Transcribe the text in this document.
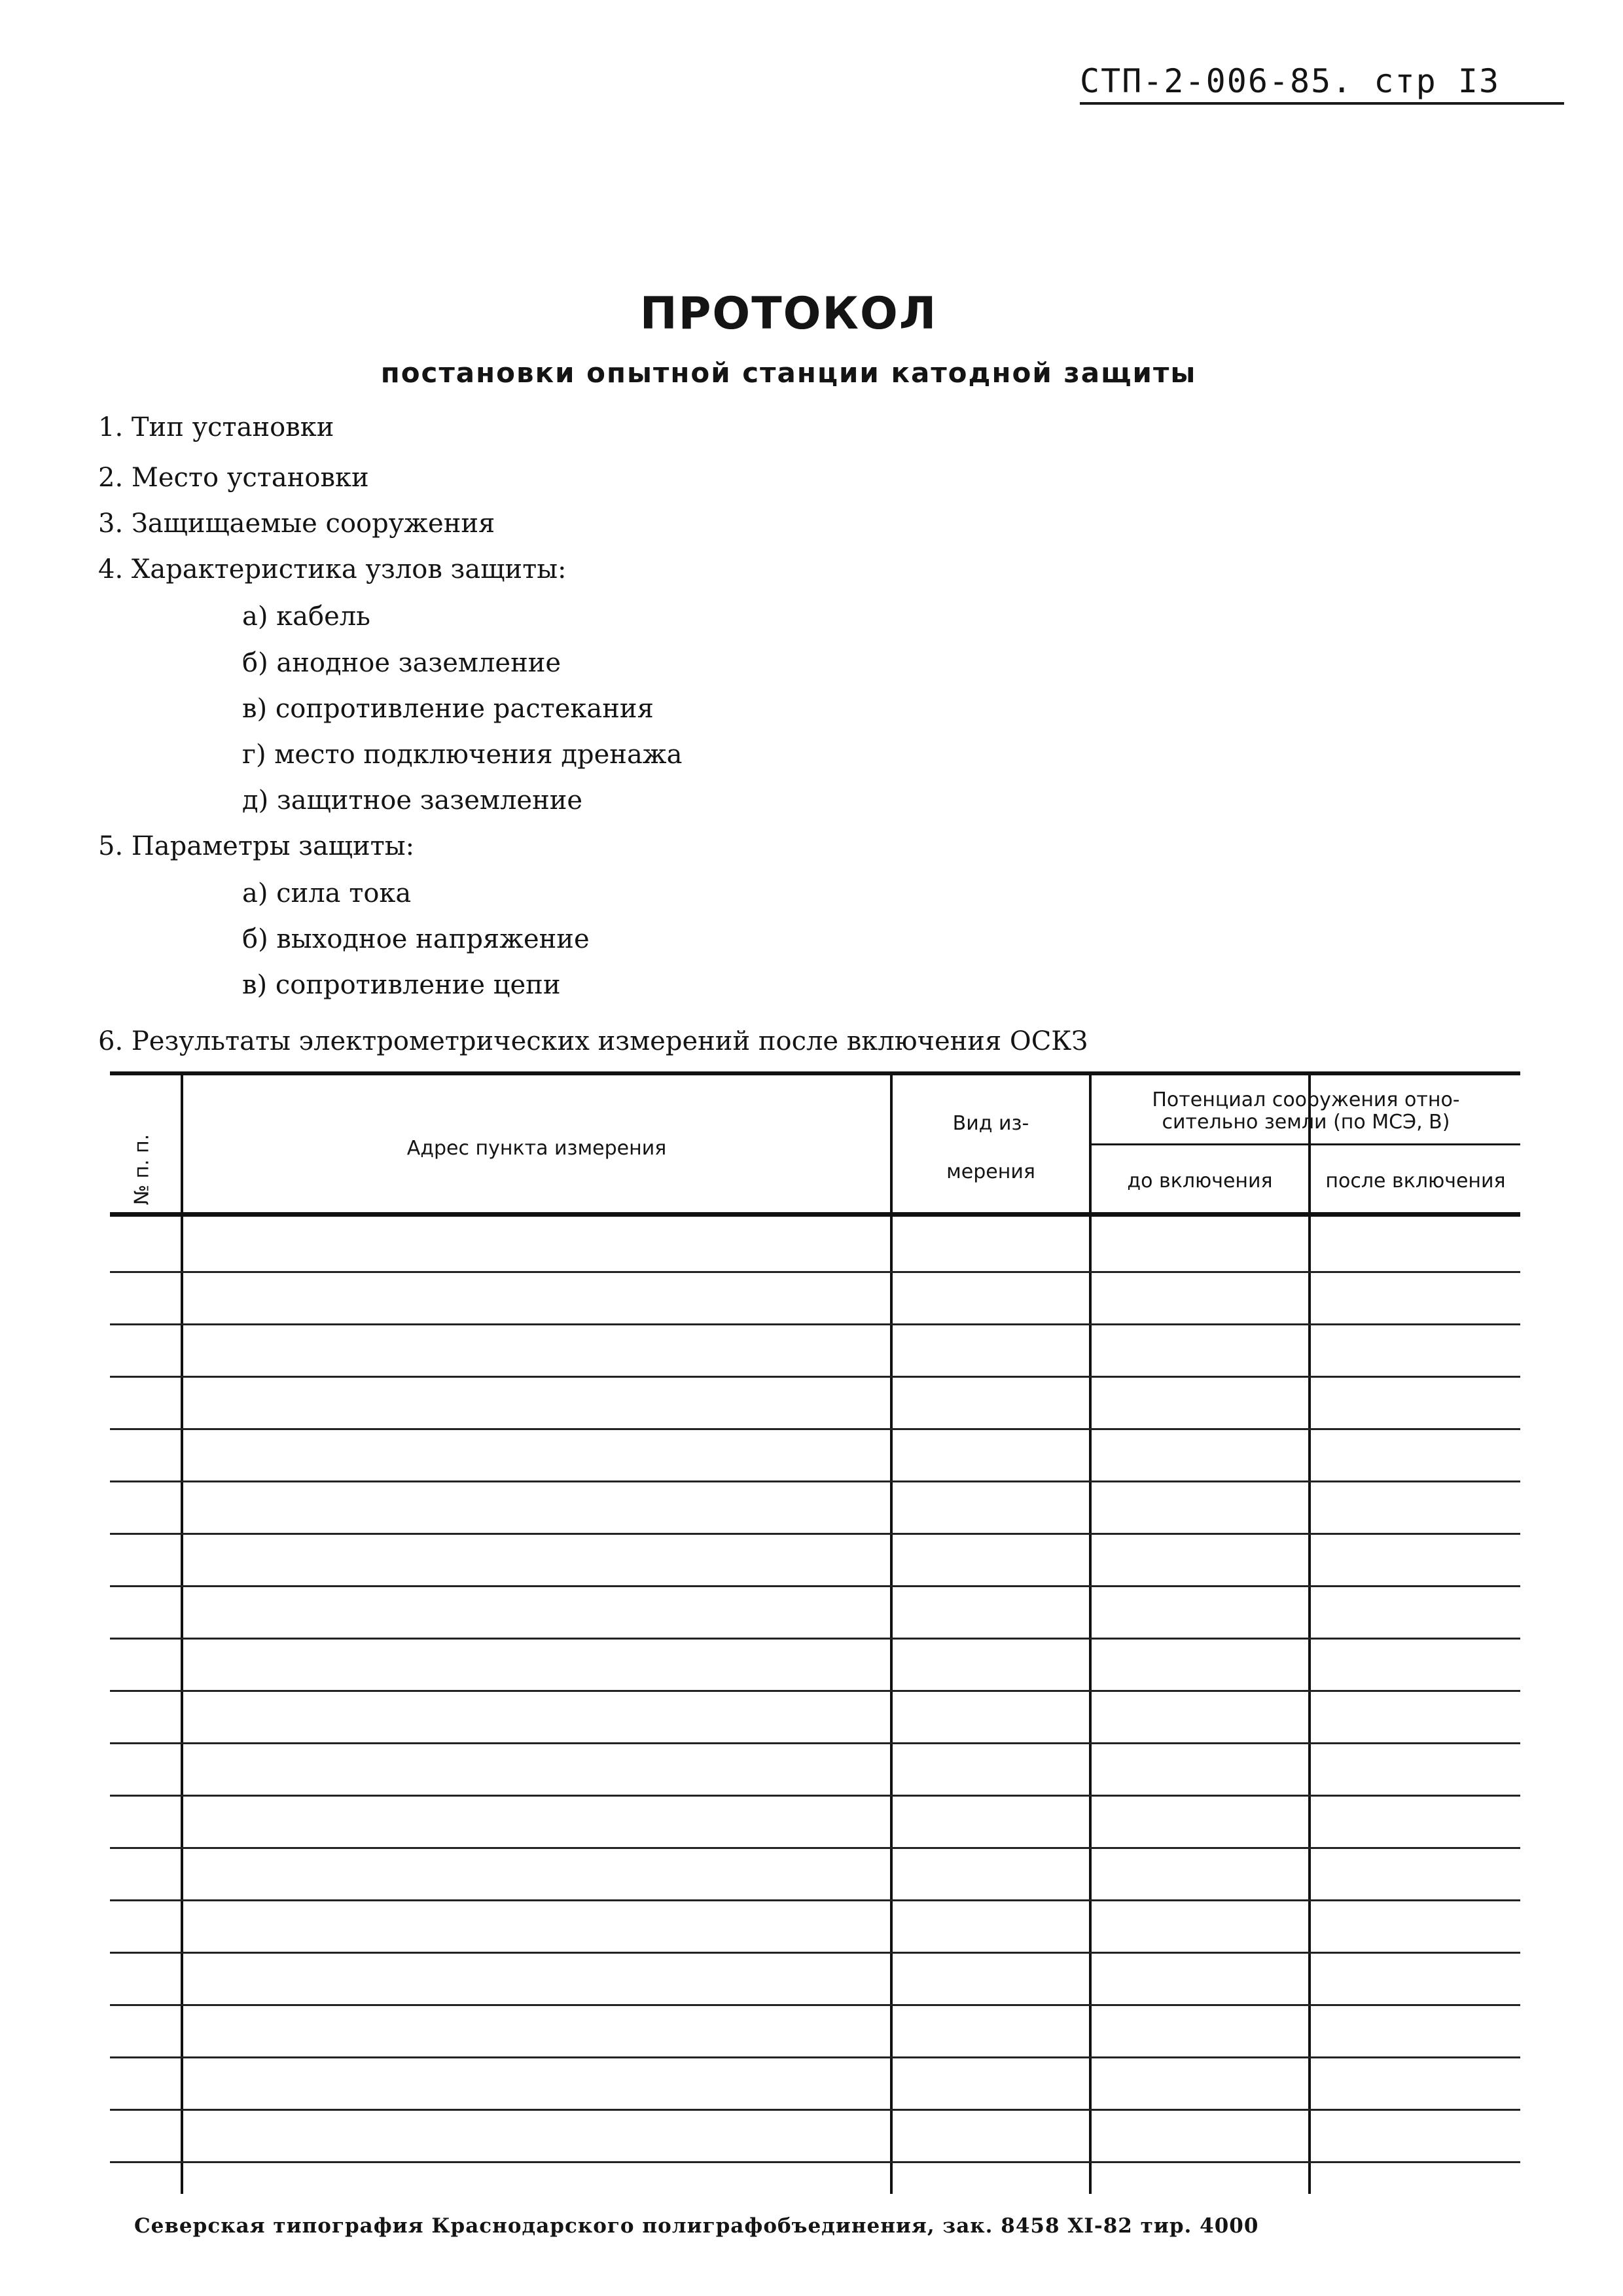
СТП-2-006-85. стр I3
ПРОТОКОЛ
постановки опытной станции катодной защиты
1. Тип установки
2. Место установки
3. Защищаемые сооружения
4. Характеристика узлов защиты:
а) кабель
б) анодное заземление
в) сопротивление растекания
г) место подключения дренажа
д) защитное заземление
5. Параметры защиты:
а) сила тока
б) выходное напряжение
в) сопротивление цепи
6. Результаты электрометрических измерений после включения ОСКЗ
№ п. п.	Адрес пункта измерения
Вид из-
мерения
Потенциал сооружения отно-
сительно земли (по МСЭ, В)
до включения	после включения
Северская типография Краснодарского полиграфобъединения, зак. 8458 XI-82 тир. 4000
